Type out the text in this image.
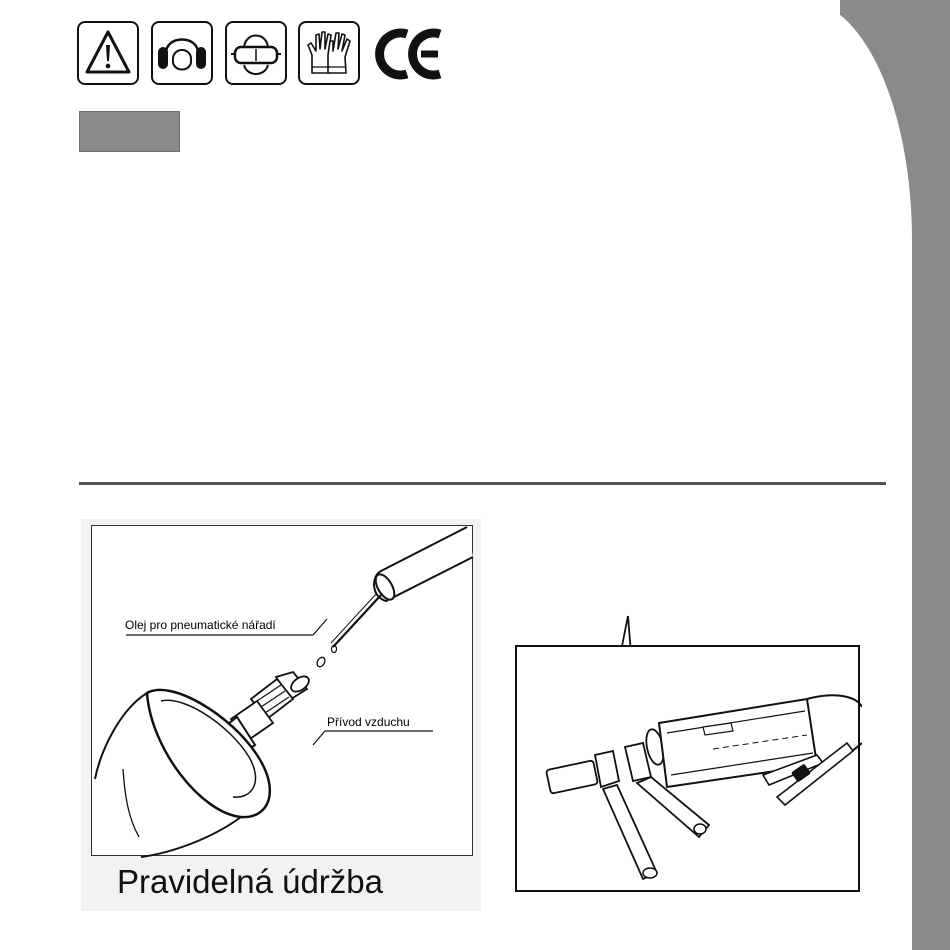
Olej pro pneumatické nářadí
Přívod vzduchu
Pravidelná údržba
